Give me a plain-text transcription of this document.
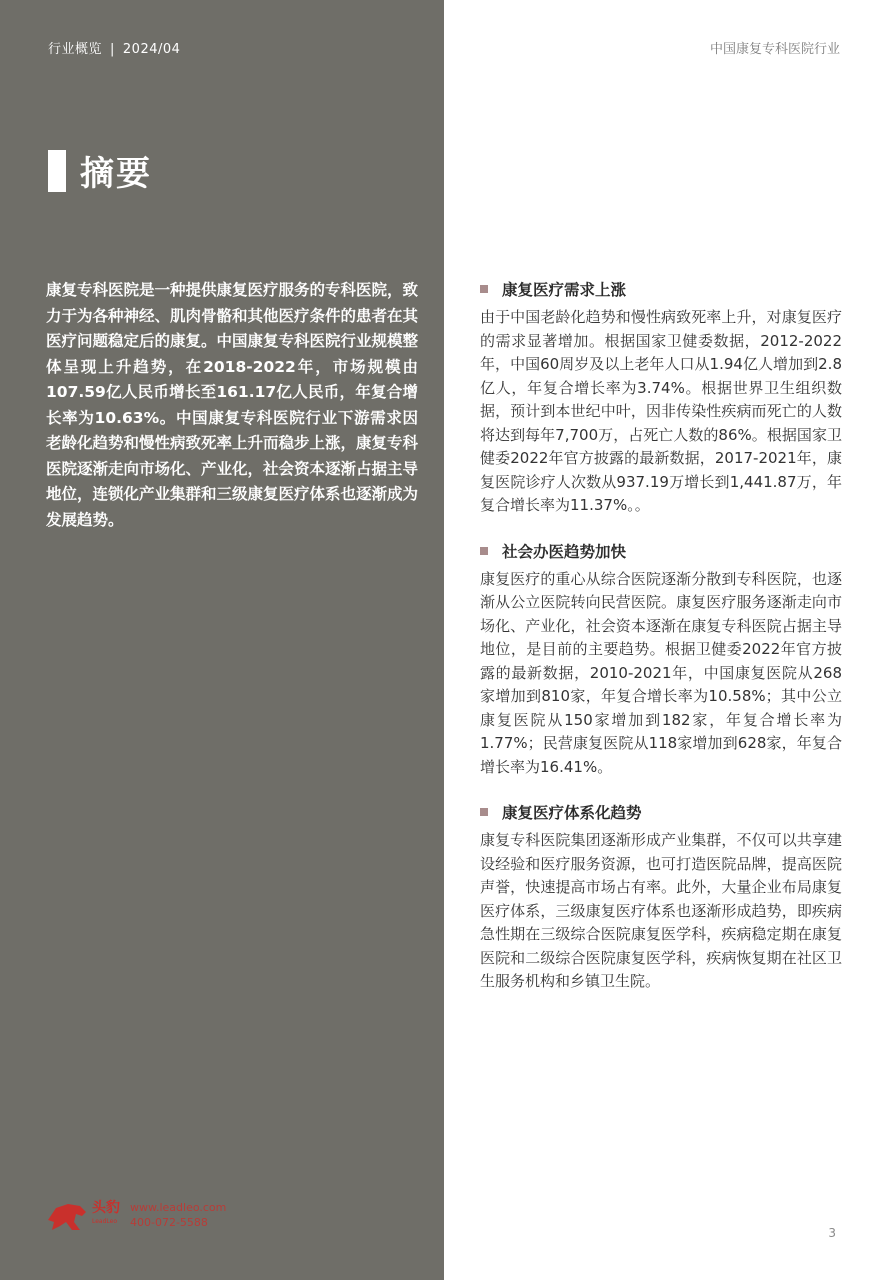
行业概览 | 2024/04	中国康复专科医院行业
摘要
康复专科医院是一种提供康复医疗服务的专科医院，致力于为各种神经、肌肉骨骼和其他医疗条件的患者在其医疗问题稳定后的康复。中国康复专科医院行业规模整体呈现上升趋势，在2018-2022年，市场规模由107.59亿人民币增长至161.17亿人民币，年复合增长率为10.63%。中国康复专科医院行业下游需求因老龄化趋势和慢性病致死率上升而稳步上涨，康复专科医院逐渐走向市场化、产业化，社会资本逐渐占据主导地位，连锁化产业集群和三级康复医疗体系也逐渐成为发展趋势。
康复医疗需求上涨
由于中国老龄化趋势和慢性病致死率上升，对康复医疗的需求显著增加。根据国家卫健委数据，2012-2022年，中国60周岁及以上老年人口从1.94亿人增加到2.8亿人，年复合增长率为3.74%。根据世界卫生组织数据，预计到本世纪中叶，因非传染性疾病而死亡的人数将达到每年7,700万，占死亡人数的86%。根据国家卫健委2022年官方披露的最新数据，2017-2021年，康复医院诊疗人次数从937.19万增长到1,441.87万，年复合增长率为11.37%。。
社会办医趋势加快
康复医疗的重心从综合医院逐渐分散到专科医院，也逐渐从公立医院转向民营医院。康复医疗服务逐渐走向市场化、产业化，社会资本逐渐在康复专科医院占据主导地位，是目前的主要趋势。根据卫健委2022年官方披露的最新数据，2010-2021年，中国康复医院从268家增加到810家，年复合增长率为10.58%；其中公立康复医院从150家增加到182家，年复合增长率为1.77%；民营康复医院从118家增加到628家，年复合增长率为16.41%。
康复医疗体系化趋势
康复专科医院集团逐渐形成产业集群，不仅可以共享建设经验和医疗服务资源，也可打造医院品牌，提高医院声誉，快速提高市场占有率。此外，大量企业布局康复医疗体系，三级康复医疗体系也逐渐形成趋势，即疾病急性期在三级综合医院康复医学科，疾病稳定期在康复医院和二级综合医院康复医学科，疾病恢复期在社区卫生服务机构和乡镇卫生院。
头豹
LeadLeo
www.leadleo.com
400-072-5588
3
